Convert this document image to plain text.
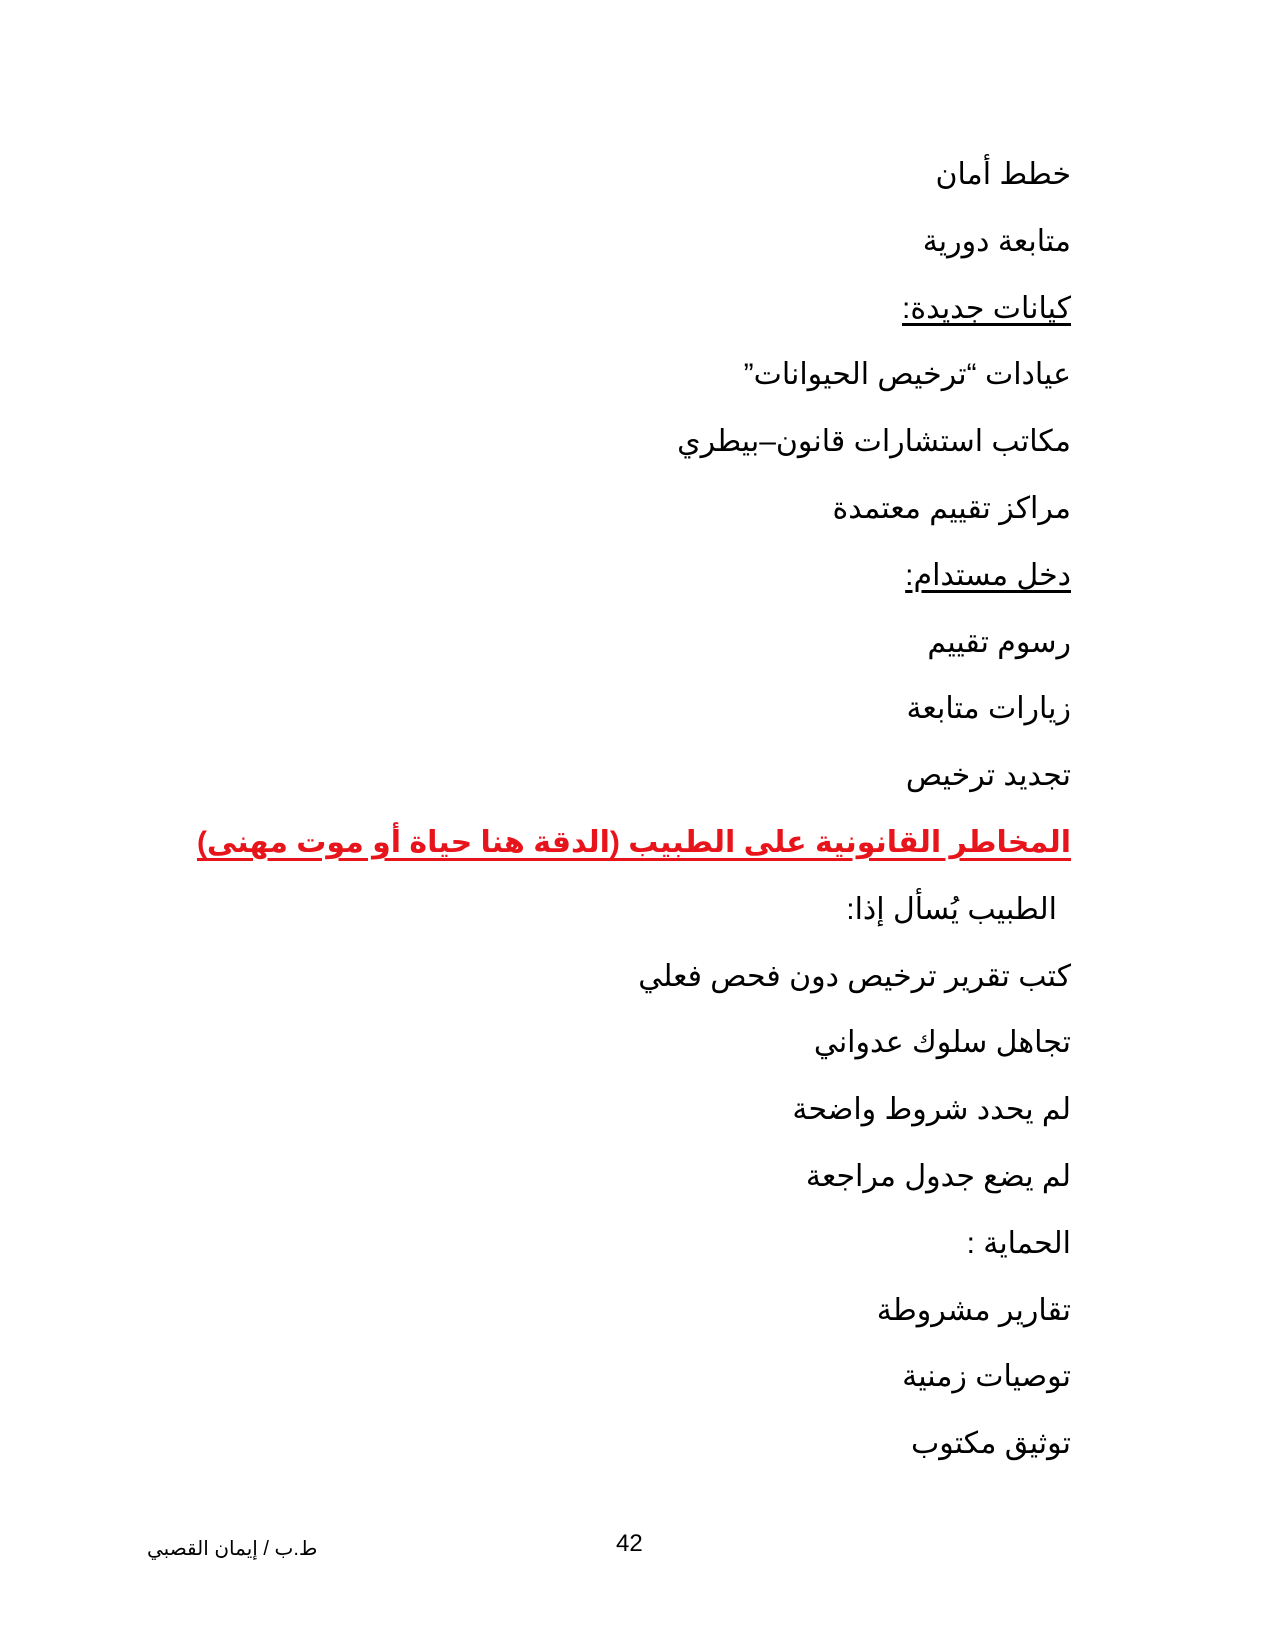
خطط أمان
متابعة دورية
كيانات جديدة:
عيادات “ترخيص الحيوانات”
مكاتب استشارات قانون–بيطري
مراكز تقييم معتمدة
دخل مستدام:
رسوم تقييم
زيارات متابعة
تجديد ترخيص
المخاطر القانونية على الطبيب (الدقة هنا حياة أو موت مهنى)
الطبيب يُسأل إذا:
كتب تقرير ترخيص دون فحص فعلي
تجاهل سلوك عدواني
لم يحدد شروط واضحة
لم يضع جدول مراجعة
الحماية :
تقارير مشروطة
توصيات زمنية
توثيق مكتوب
ط.ب / إيمان القصبي	42
